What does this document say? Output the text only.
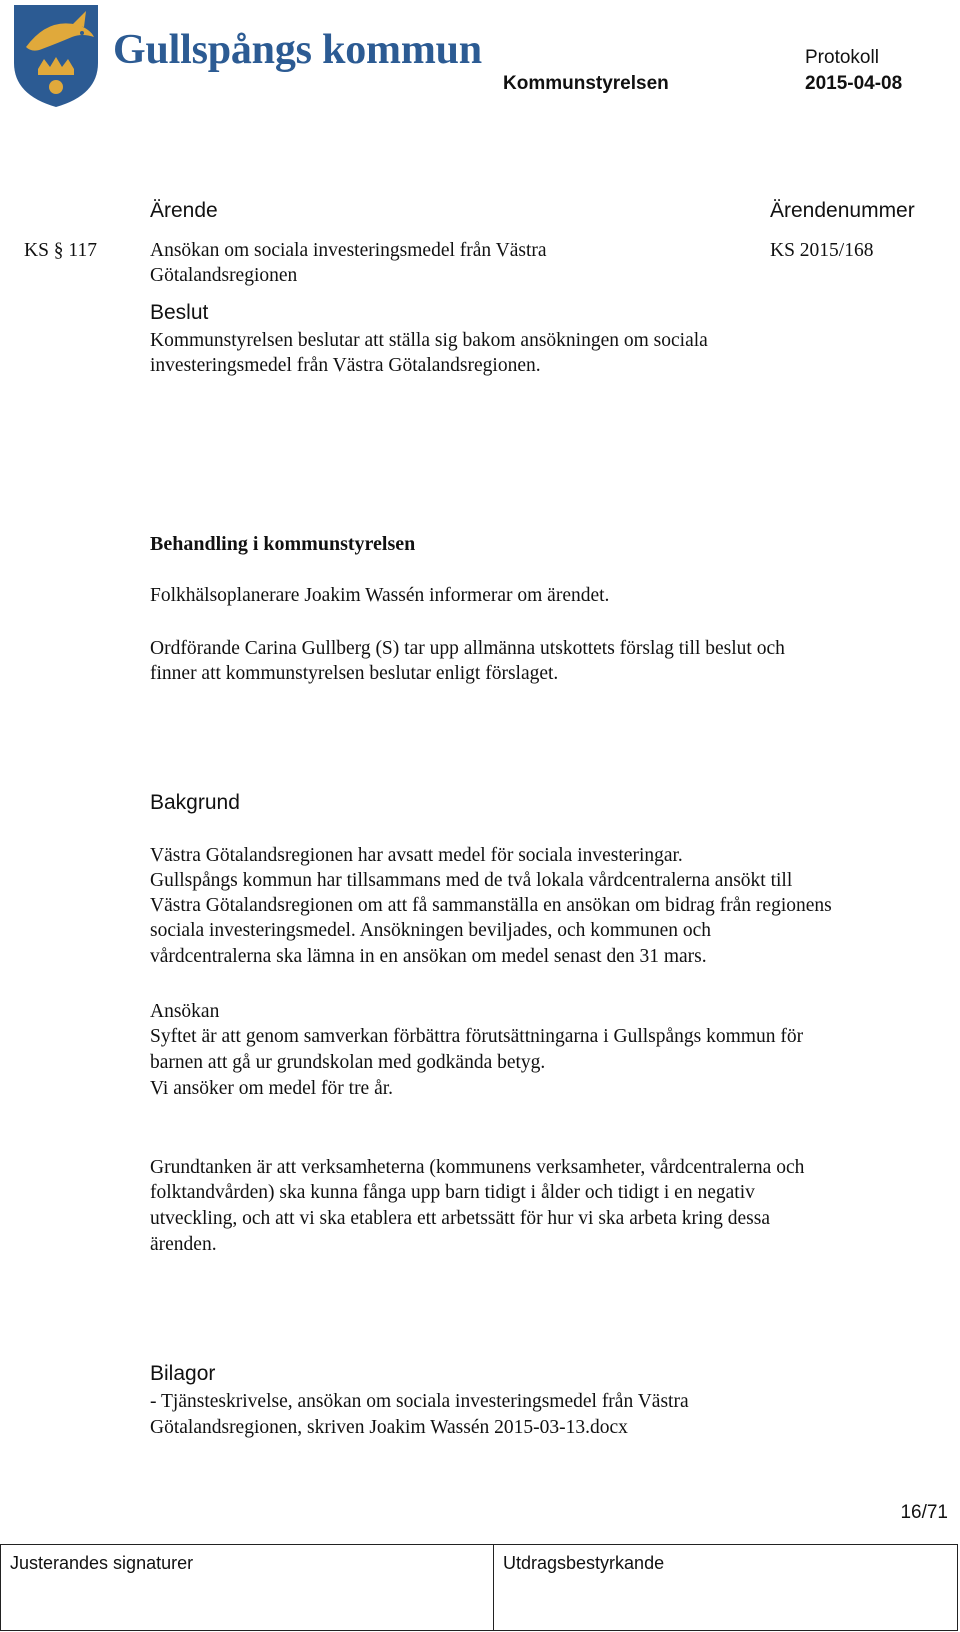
Gullspångs kommun	Protokoll
Kommunstyrelsen	2015-04-08
Ärende	Ärendenummer
KS § 117	Ansökan om sociala investeringsmedel från Västra
Götalandsregionen
KS 2015/168
Beslut
Kommunstyrelsen beslutar att ställa sig bakom ansökningen om sociala
investeringsmedel från Västra Götalandsregionen.
Behandling i kommunstyrelsen
Folkhälsoplanerare Joakim Wassén informerar om ärendet.
Ordförande Carina Gullberg (S) tar upp allmänna utskottets förslag till beslut och
finner att kommunstyrelsen beslutar enligt förslaget.
Bakgrund
Västra Götalandsregionen har avsatt medel för sociala investeringar.
Gullspångs kommun har tillsammans med de två lokala vårdcentralerna ansökt till
Västra Götalandsregionen om att få sammanställa en ansökan om bidrag från regionens
sociala investeringsmedel. Ansökningen beviljades, och kommunen och
vårdcentralerna ska lämna in en ansökan om medel senast den 31 mars.
Ansökan
Syftet är att genom samverkan förbättra förutsättningarna i Gullspångs kommun för
barnen att gå ur grundskolan med godkända betyg.
Vi ansöker om medel för tre år.
Grundtanken är att verksamheterna (kommunens verksamheter, vårdcentralerna och
folktandvården) ska kunna fånga upp barn tidigt i ålder och tidigt i en negativ
utveckling, och att vi ska etablera ett arbetssätt för hur vi ska arbeta kring dessa
ärenden.
Bilagor
- Tjänsteskrivelse, ansökan om sociala investeringsmedel från Västra
Götalandsregionen, skriven Joakim Wassén 2015-03-13.docx
16/71
Justerandes signaturer	Utdragsbestyrkande
